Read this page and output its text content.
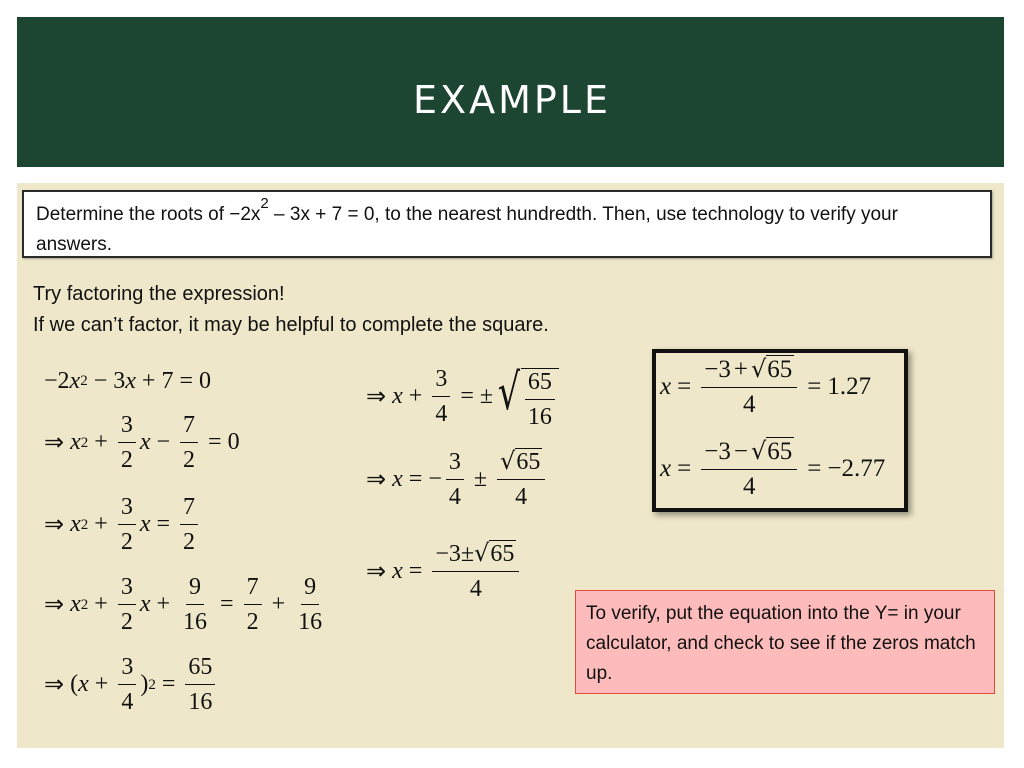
EXAMPLE
Determine the roots of $-2x^2 - 3x + 7 = 0$, to the nearest hundredth. Then, use technology to verify your answers.
Try factoring the expression!
If we can’t factor, it may be helpful to complete the square.
−2 x 2 − 3 x + 7 = 0
⇒ x $2 + \frac{3}{2}$ $x - \frac{7}{2} = 0$
⇒ x $2 + \frac{3}{2}$ $x = \frac{7}{2}$
⇒ x $2 + \frac{3}{2}$ $x + \frac{9}{16} = \frac{7}{2} + \frac{9}{16}$
⇒ ( $x + \frac{3}{4}$ ) $2 = \frac{65}{16}$
⇒ $x + \frac{3}{4}$ = ± √ $\frac{65}{16}$
⇒ x = − $\frac{3}{4} \pm \frac{√65}{4}$
⇒ $x = \frac{-3\pm√65}{4}$
$x = \frac{-3 + √65}{4} = 1.27$
$x = \frac{-3 - √65}{4} = -2.77$
To verify, put the equation into the Y= in your calculator, and check to see if the zeros match up.
